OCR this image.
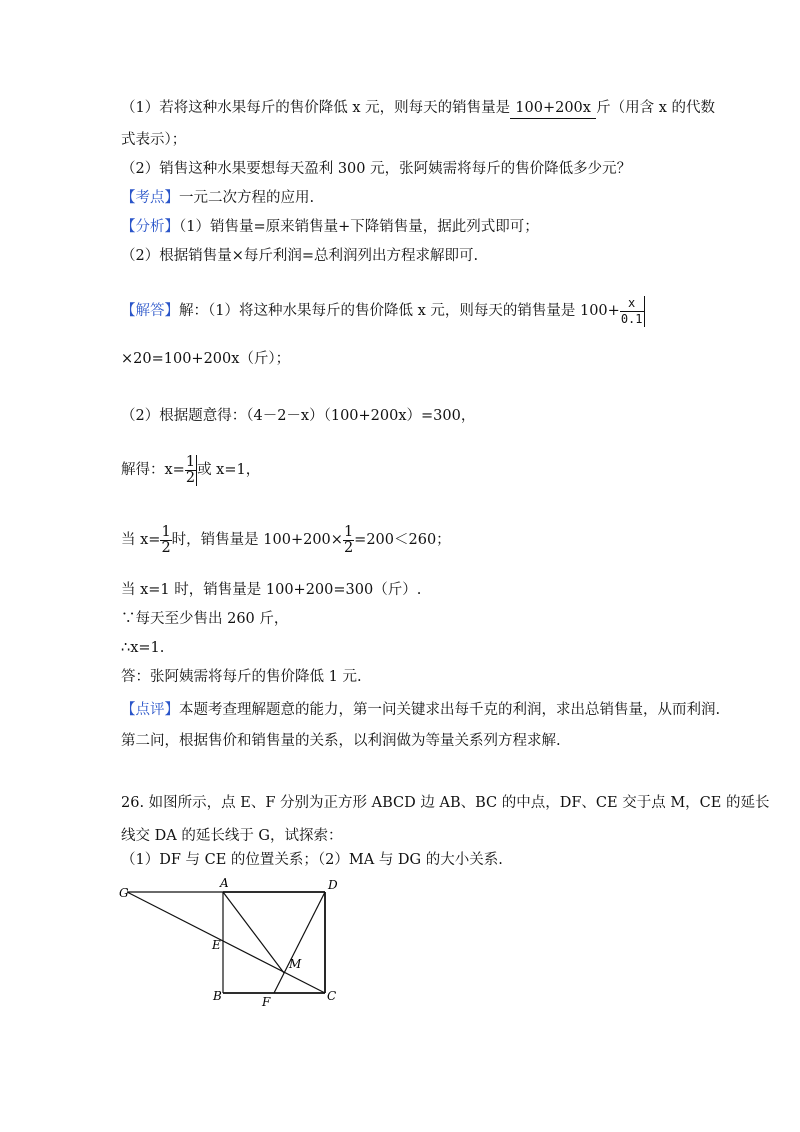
（1）若将这种水果每斤的售价降低 x 元，则每天的销售量是 100+200x 斤（用含 x 的代数
式表示）；
（2）销售这种水果要想每天盈利 300 元，张阿姨需将每斤的售价降低多少元？
【考点】一元二次方程的应用.
【分析】（1）销售量=原来销售量+下降销售量，据此列式即可；
（2）根据销售量×每斤利润=总利润列出方程求解即可.
【解答】解：（1）将这种水果每斤的售价降低 x 元，则每天的销售量是 $100+ \frac{x}{0.1}$
×20=100+200x（斤）；
（2）根据题意得：（4－2－x）（100+200x）=300，
解得：$x= \frac{1}{2}$ 或 x=1，
当 $x= \frac{1}{2}$ 时，销售量是 $100+200\times \frac{1}{2} =200<260$；
当 x=1 时，销售量是 100+200=300（斤）.
∵每天至少售出 260 斤，
∴x=1.
答：张阿姨需将每斤的售价降低 1 元.
【点评】本题考查理解题意的能力，第一问关键求出每千克的利润，求出总销售量，从而利润.
第二问，根据售价和销售量的关系，以利润做为等量关系列方程求解.
26. 如图所示，点 E、F 分别为正方形 ABCD 边 AB、BC 的中点，DF、CE 交于点 M，CE 的延长
线交 DA 的延长线于 G，试探索：
（1）DF 与 CE 的位置关系；（2）MA 与 DG 的大小关系.
G
A	D
E
M
B	F	C
